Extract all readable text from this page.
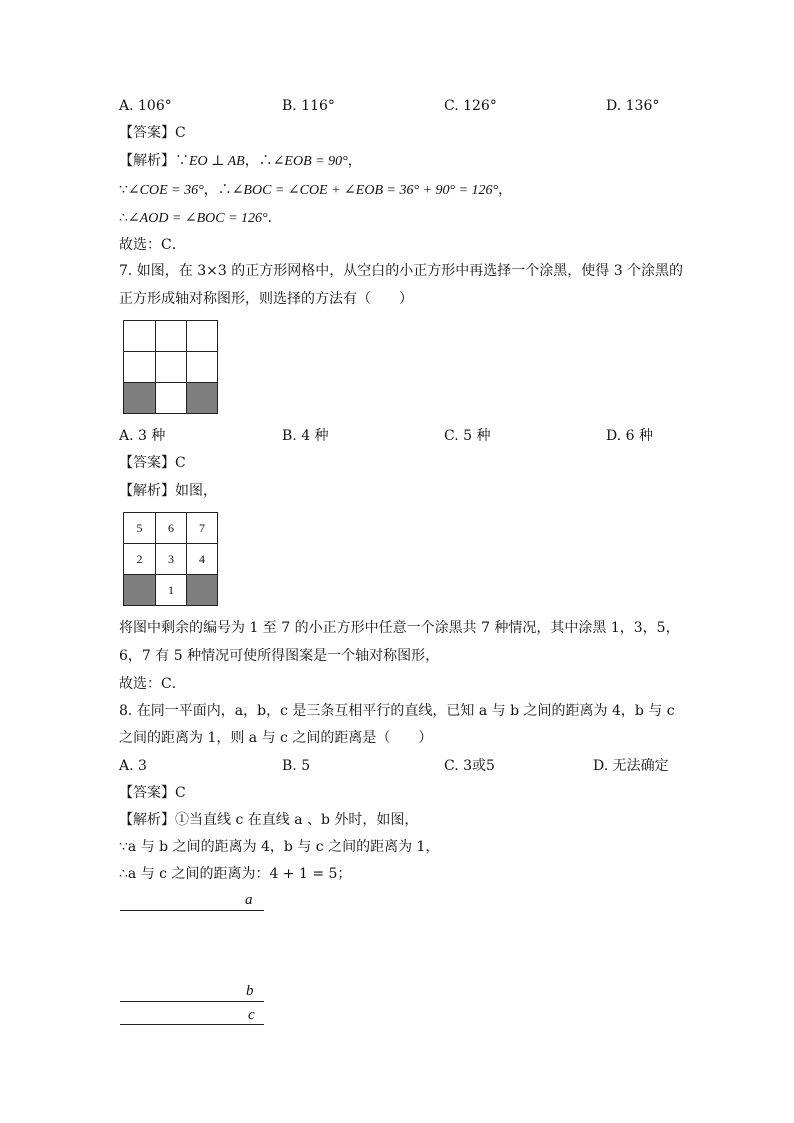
A. 106°	B. 116°	C. 126°	D. 136°
【答案】C
【解析】∵EO ⊥ AB，∴∠EOB = 90°，
∵∠COE = 36°，∴∠BOC = ∠COE + ∠EOB = 36° + 90° = 126°，
∴∠AOD = ∠BOC = 126°．
故选：C．
7. 如图，在 3×3 的正方形网格中，从空白的小正方形中再选择一个涂黑，使得 3 个涂黑的
正方形成轴对称图形，则选择的方法有（　　）

A. 3 种	B. 4 种	C. 5 种	D. 6 种
【答案】C
【解析】如图，
5	6	7
2	3	4
	1	
将图中剩余的编号为 1 至 7 的小正方形中任意一个涂黑共 7 种情况，其中涂黑 1，3，5，
6，7 有 5 种情况可使所得图案是一个轴对称图形，
故选：C．
8. 在同一平面内，a，b，c 是三条互相平行的直线，已知 a 与 b 之间的距离为 4，b 与 c
之间的距离为 1，则 a 与 c 之间的距离是（　　）
A. 3	B. 5	C. 3或5	D. 无法确定
【答案】C
【解析】①当直线 c 在直线 a 、b 外时，如图，
∵a 与 b 之间的距离为 4，b 与 c 之间的距离为 1，
∴a 与 c 之间的距离为：4 + 1 = 5；
a
b
c
